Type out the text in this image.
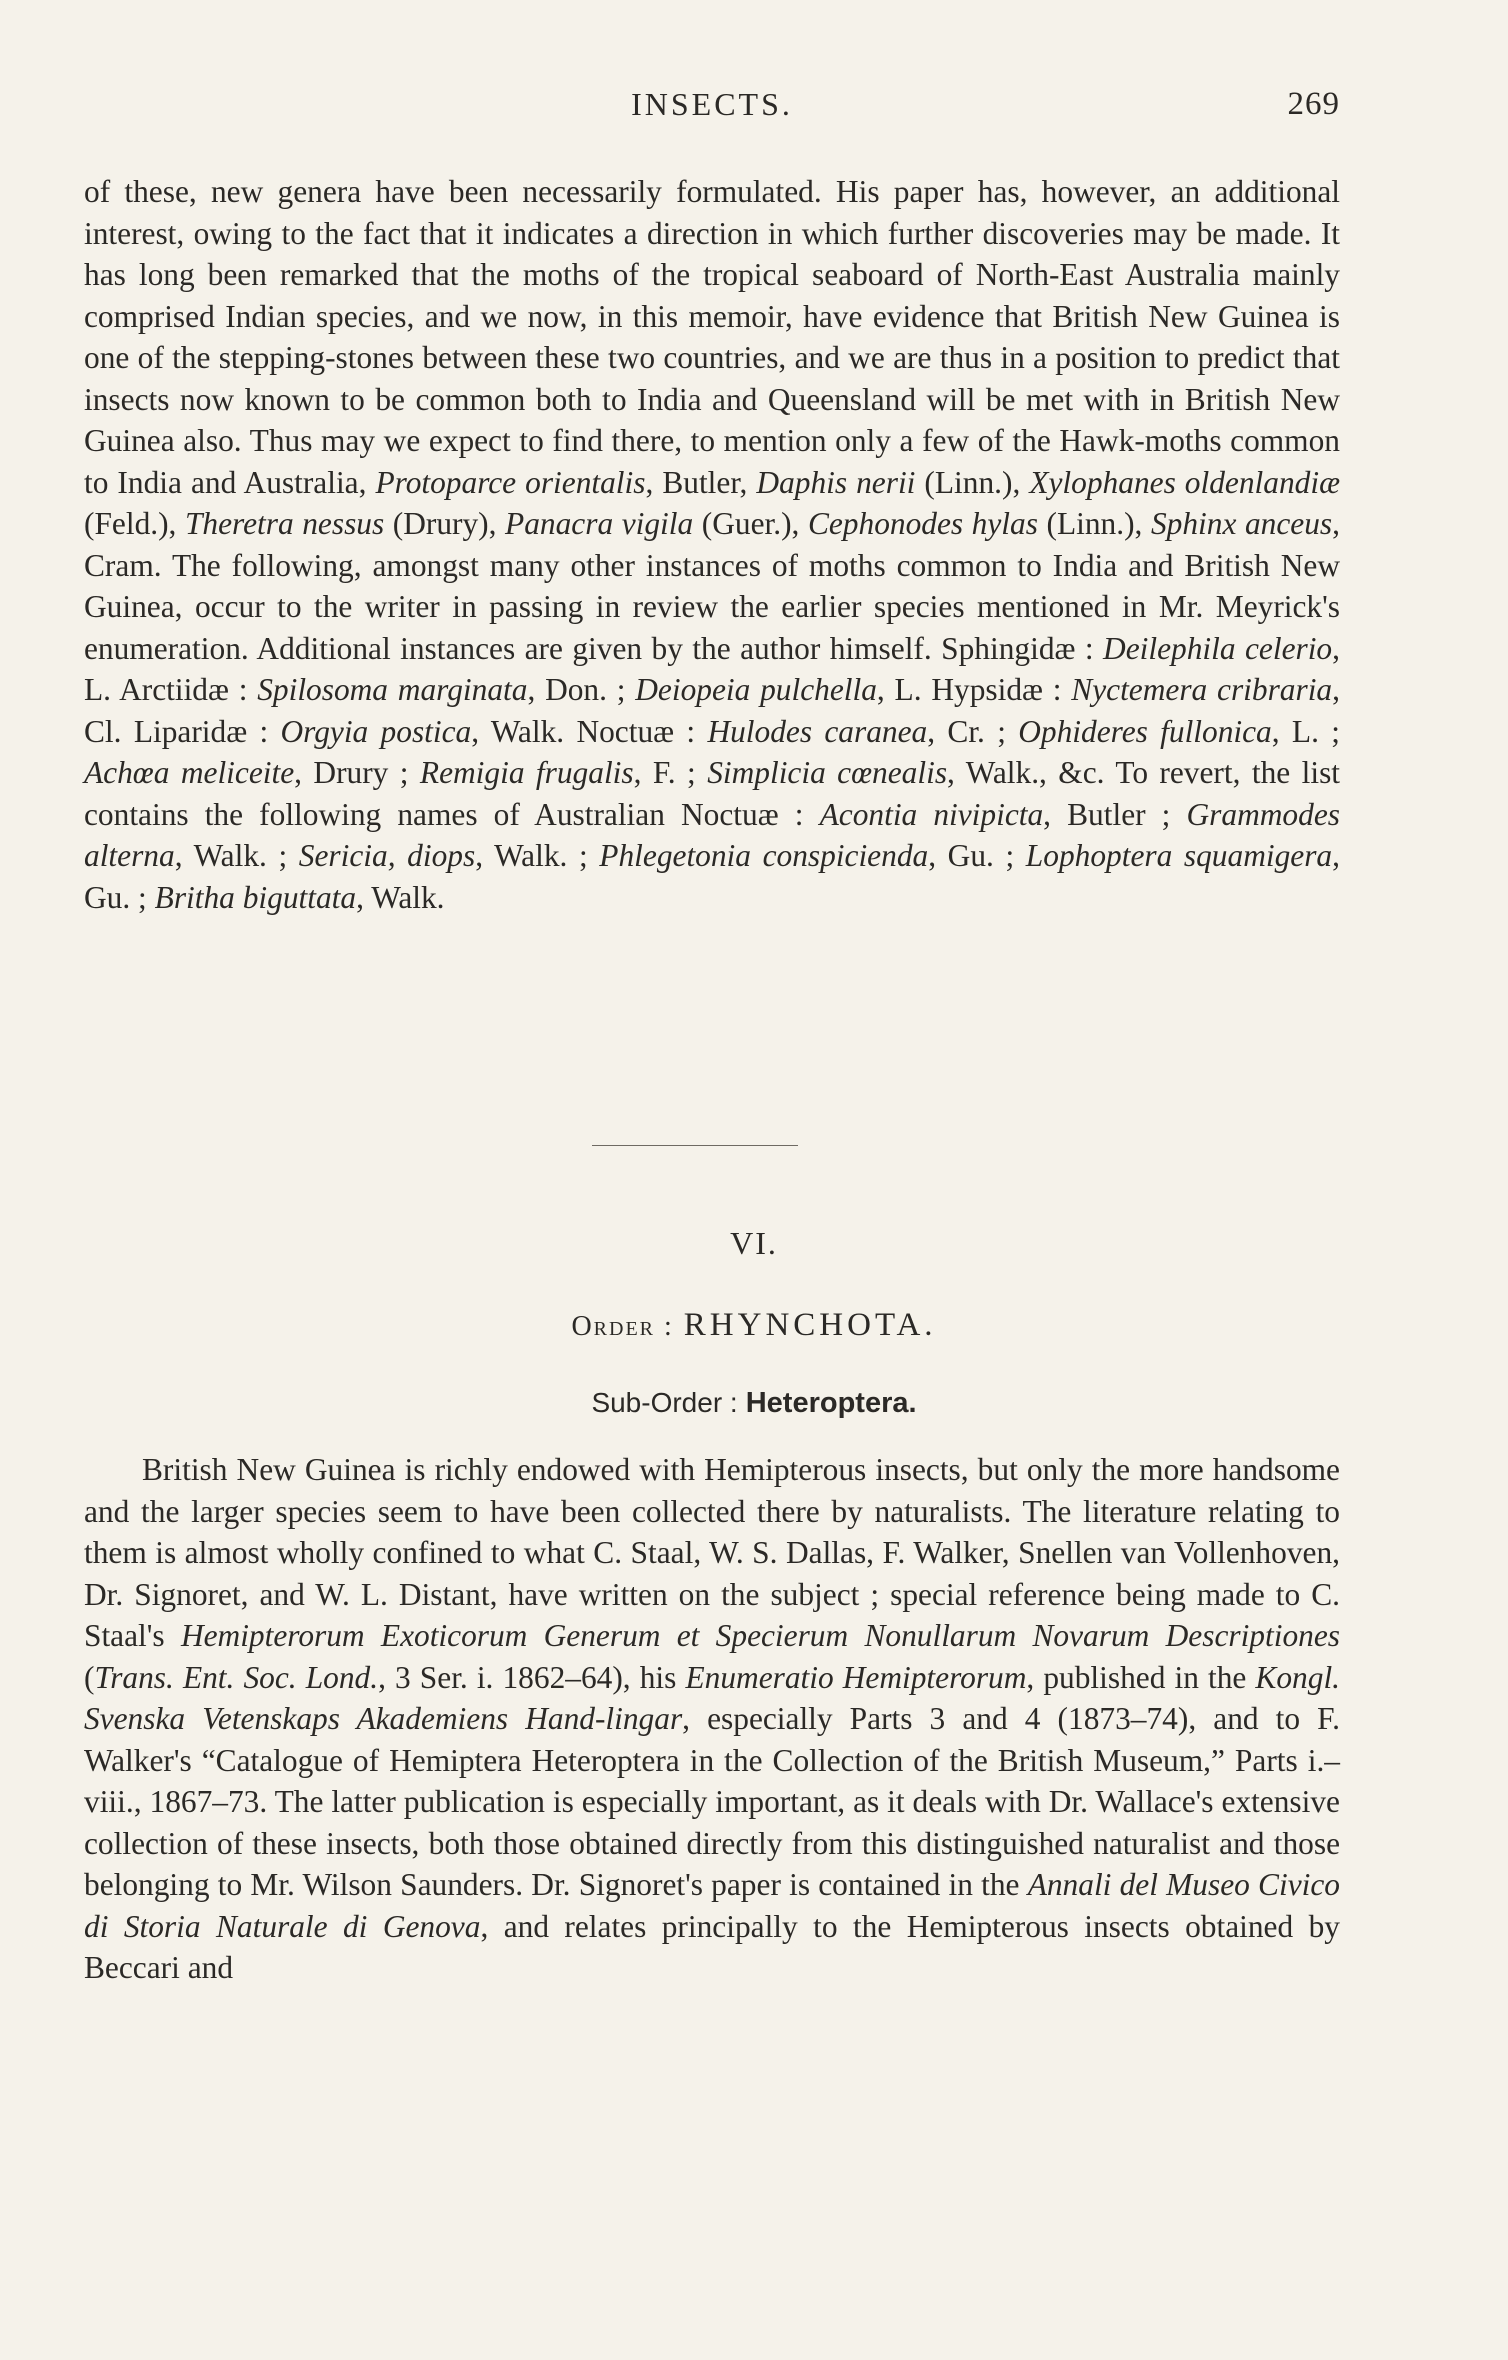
INSECTS.	269

of these, new genera have been necessarily formulated. His paper has, however, an additional interest, owing to the fact that it indicates a direction in which further discoveries may be made. It has long been remarked that the moths of the tropical seaboard of North-East Australia mainly comprised Indian species, and we now, in this memoir, have evidence that British New Guinea is one of the stepping-stones between these two countries, and we are thus in a position to predict that insects now known to be common both to India and Queensland will be met with in British New Guinea also. Thus may we expect to find there, to mention only a few of the Hawk-moths common to India and Australia, Protoparce orientalis, Butler, Daphis nerii (Linn.), Xylophanes oldenlandiæ (Feld.), Theretra nessus (Drury), Panacra vigila (Guer.), Cephonodes hylas (Linn.), Sphinx anceus, Cram. The following, amongst many other instances of moths common to India and British New Guinea, occur to the writer in passing in review the earlier species mentioned in Mr. Meyrick's enumeration. Additional instances are given by the author himself. Sphingidæ : Deilephila celerio, L. Arctiidæ : Spilosoma marginata, Don. ; Deiopeia pulchella, L. Hypsidæ : Nyctemera cribraria, Cl. Liparidæ : Orgyia postica, Walk. Noctuæ : Hulodes caranea, Cr. ; Ophideres fullonica, L. ; Achœa meliceite, Drury ; Remigia frugalis, F. ; Simplicia cœnealis, Walk., &c. To revert, the list contains the following names of Australian Noctuæ : Acontia nivipicta, Butler ; Grammodes alterna, Walk. ; Sericia, diops, Walk. ; Phlegetonia conspicienda, Gu. ; Lophoptera squamigera, Gu. ; Britha biguttata, Walk.

VI.
Order : RHYNCHOTA.
Sub-Order : Heteroptera.

British New Guinea is richly endowed with Hemipterous insects, but only the more handsome and the larger species seem to have been collected there by naturalists. The literature relating to them is almost wholly confined to what C. Staal, W. S. Dallas, F. Walker, Snellen van Vollenhoven, Dr. Signoret, and W. L. Distant, have written on the subject ; special reference being made to C. Staal's Hemipterorum Exoticorum Generum et Specierum Nonullarum Novarum Descriptiones (Trans. Ent. Soc. Lond., 3 Ser. i. 1862–64), his Enumeratio Hemipterorum, published in the Kongl. Svenska Vetenskaps Akademiens Hand-lingar, especially Parts 3 and 4 (1873–74), and to F. Walker's “Catalogue of Hemiptera Heteroptera in the Collection of the British Museum,” Parts i.–viii., 1867–73. The latter publication is especially important, as it deals with Dr. Wallace's extensive collection of these insects, both those obtained directly from this distinguished naturalist and those belonging to Mr. Wilson Saunders. Dr. Signoret's paper is contained in the Annali del Museo Civico di Storia Naturale di Genova, and relates principally to the Hemipterous insects obtained by Beccari and
